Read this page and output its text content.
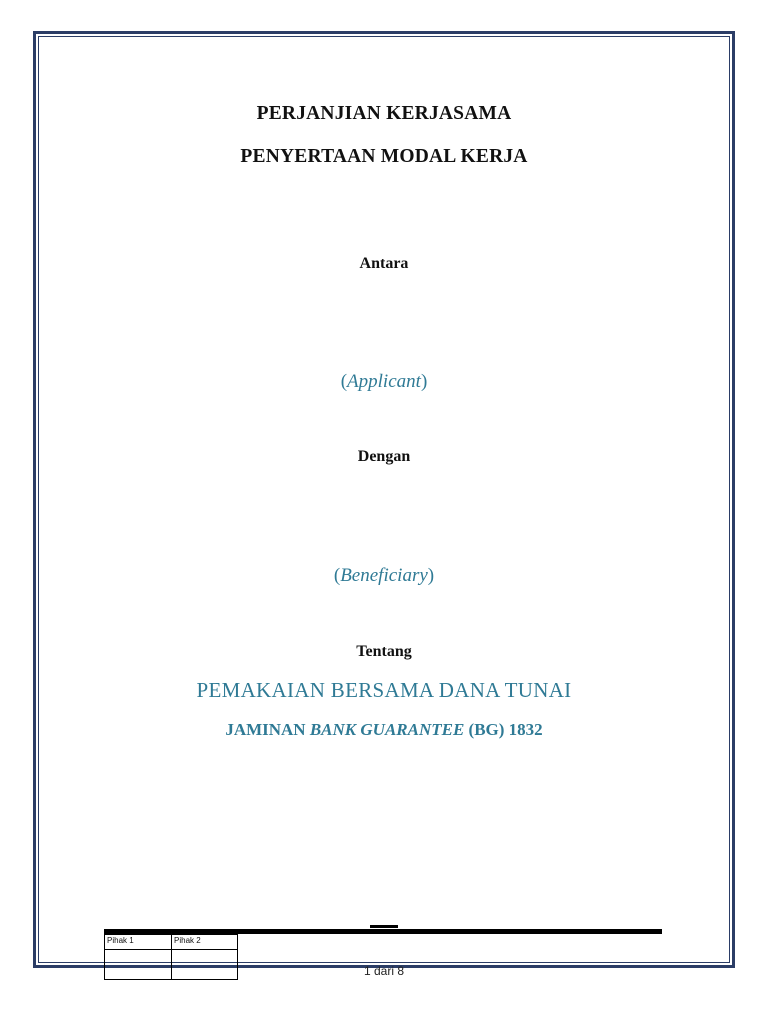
PERJANJIAN KERJASAMA
PENYERTAAN MODAL KERJA
Antara
(Applicant)
Dengan
(Beneficiary)
Tentang
PEMAKAIAN BERSAMA DANA TUNAI
JAMINAN BANK GUARANTEE (BG) 1832
Pihak 1	Pihak 2

1 dari 8
